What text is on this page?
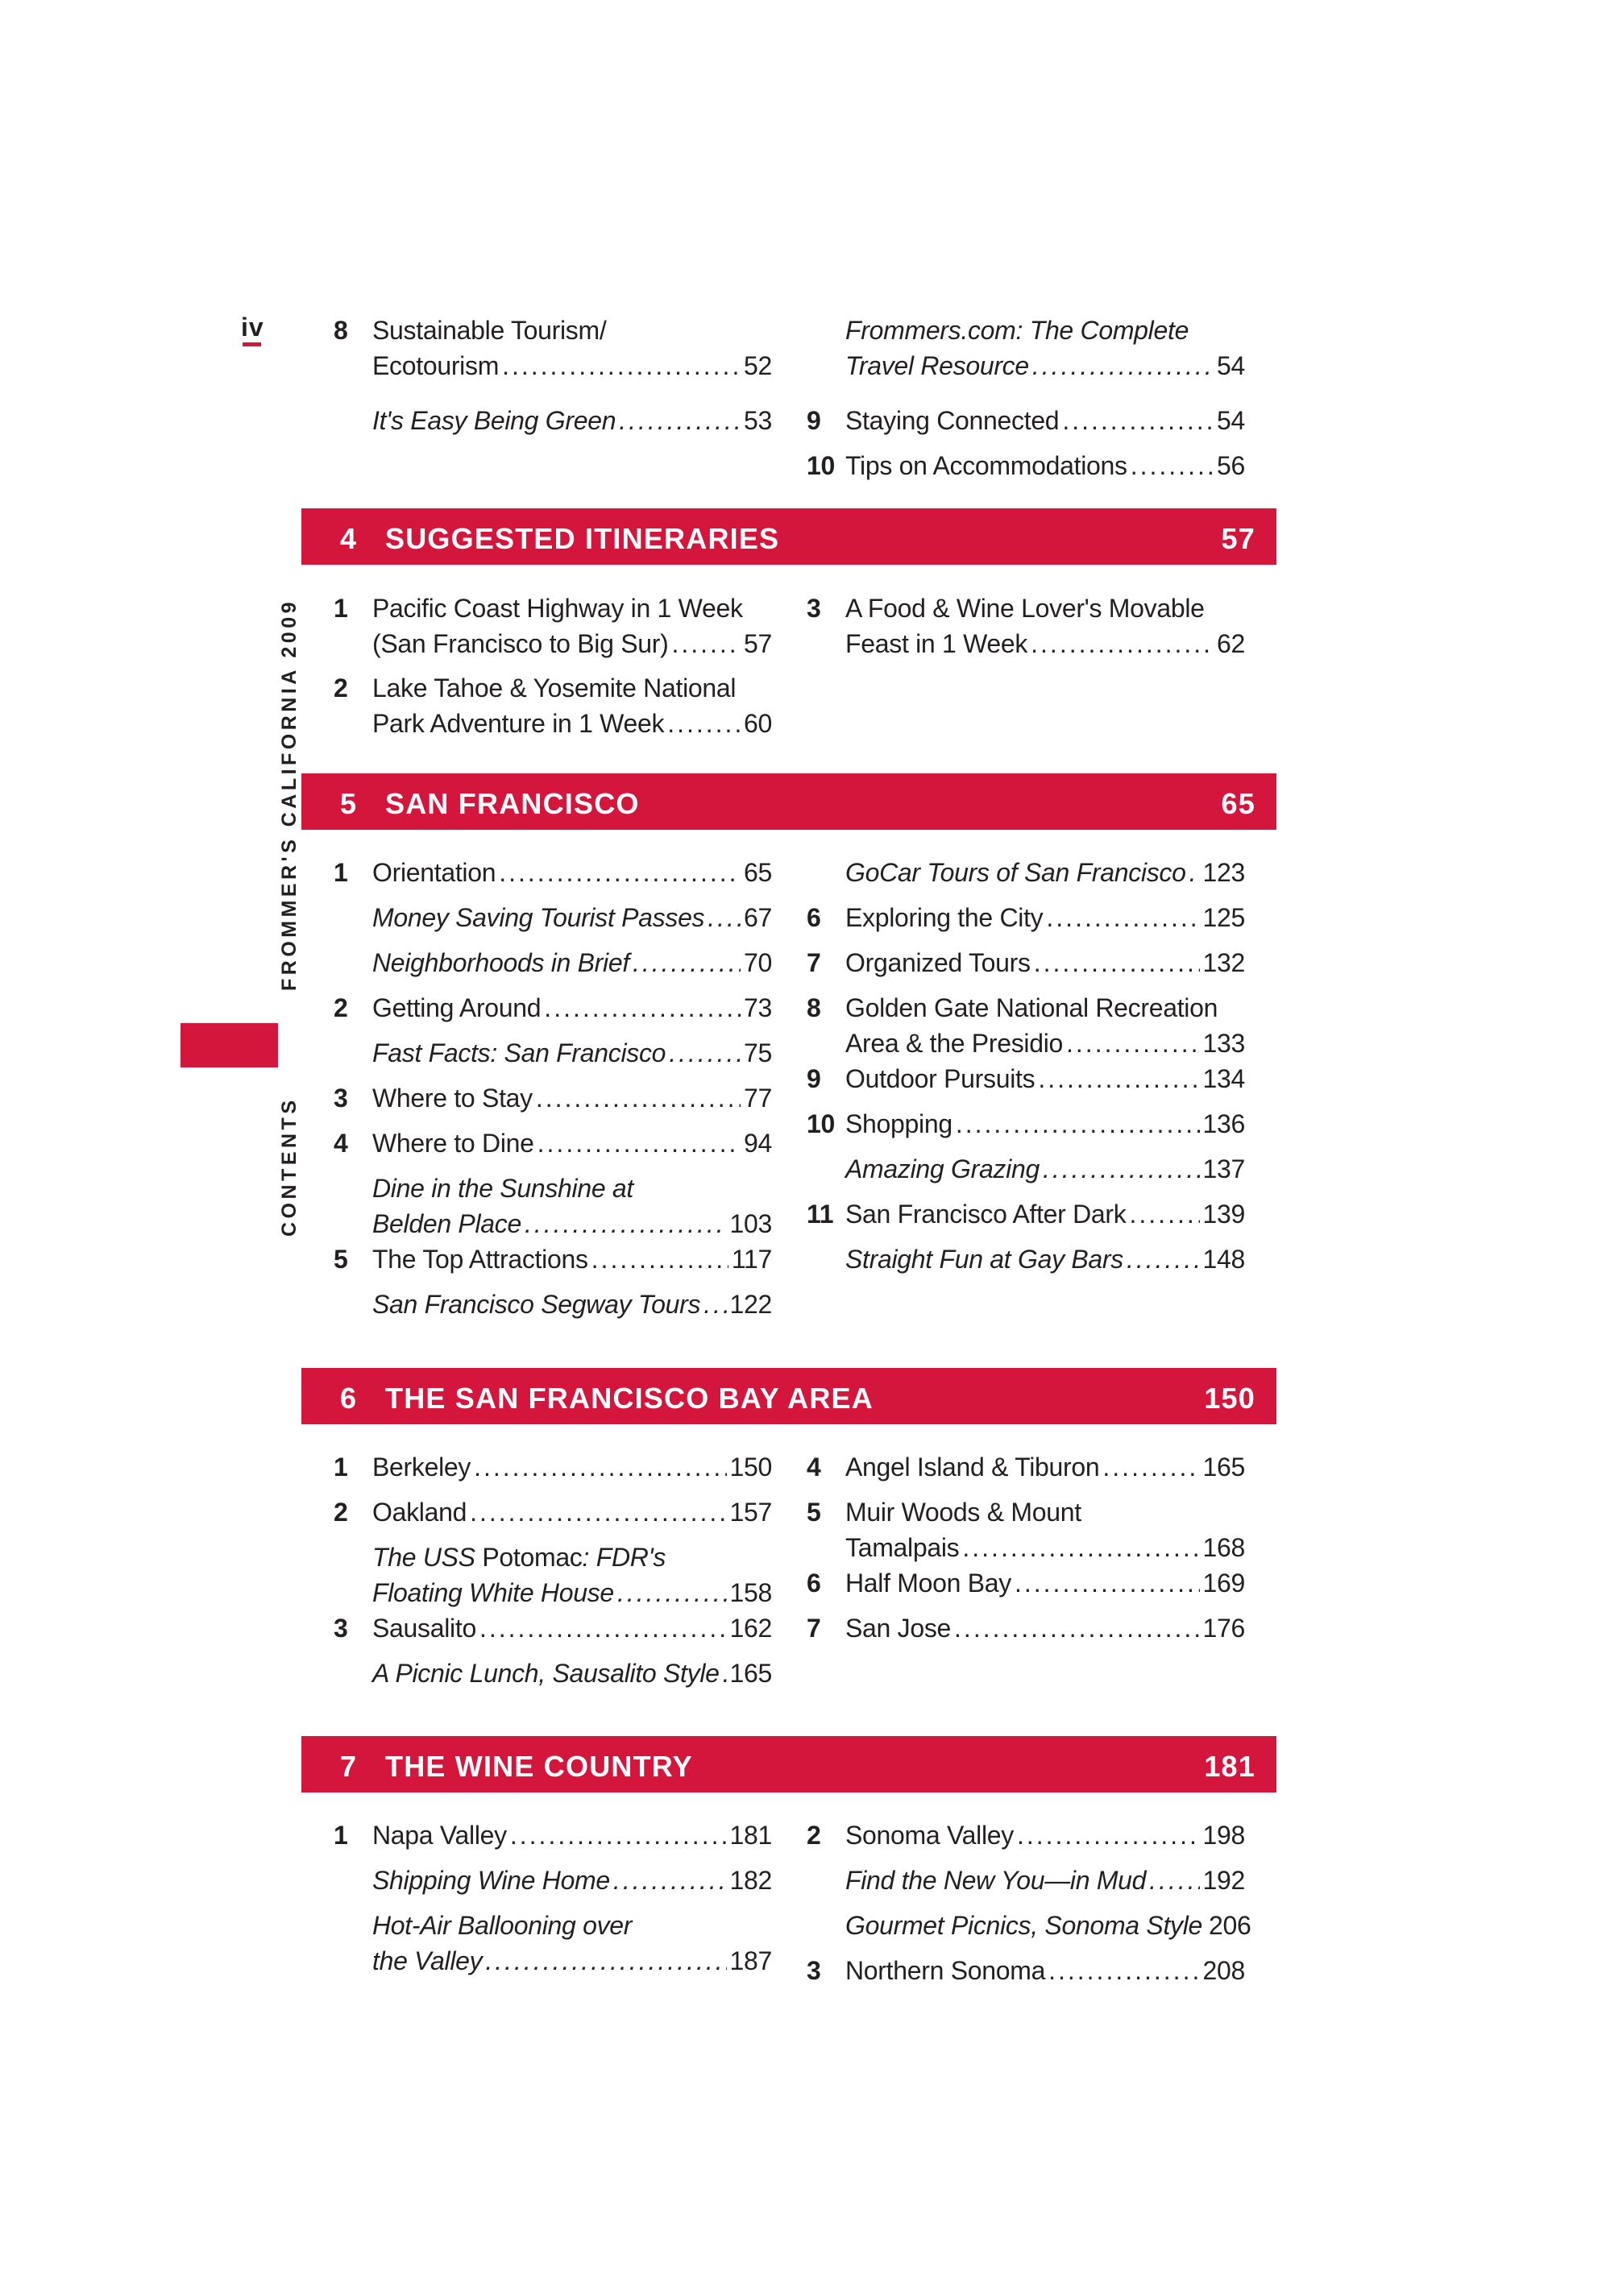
iv
CONTENTS
FROMMER'S CALIFORNIA 2009
8 Sustainable Tourism/
Ecotourism .....	52
It's Easy Being Green .....	53
Frommers.com: The Complete
Travel Resource .....	54
9 Staying Connected .....	54
10 Tips on Accommodations .....	56
4 SUGGESTED ITINERARIES	57
1 Pacific Coast Highway in 1 Week
(San Francisco to Big Sur) .....	57
2 Lake Tahoe & Yosemite National
Park Adventure in 1 Week .....	60
3 A Food & Wine Lover's Movable
Feast in 1 Week .....	62
5 SAN FRANCISCO	65
1 Orientation .....	65
Money Saving Tourist Passes ..... 67
Neighborhoods in Brief .....	70
2 Getting Around .....	73
Fast Facts: San Francisco .....	75
3 Where to Stay .....	77
4 Where to Dine .....	94
Dine in the Sunshine at
Belden Place .....	103
5 The Top Attractions .....	117
San Francisco Segway Tours ..... 122
GoCar Tours of San Francisco ..... 123
6 Exploring the City .....	125
7 Organized Tours .....	132
8 Golden Gate National Recreation
Area & the Presidio .....	133
9 Outdoor Pursuits .....	134
10 Shopping .....	136
Amazing Grazing .....	137
11 San Francisco After Dark .....	139
Straight Fun at Gay Bars .....	148
6 THE SAN FRANCISCO BAY AREA	150
1 Berkeley .....	150
2 Oakland .....	157
The USS Potomac: FDR's
Floating White House .....	158
3 Sausalito .....	162
A Picnic Lunch, Sausalito Style ..... 165
4 Angel Island & Tiburon .....	165
5 Muir Woods & Mount
Tamalpais .....	168
6 Half Moon Bay .....	169
7 San Jose .....	176
7 THE WINE COUNTRY	181
1 Napa Valley .....	181
Shipping Wine Home .....	182
Hot-Air Ballooning over
the Valley .....	187
2 Sonoma Valley .....	198
Find the New You—in Mud ..... 192
Gourmet Picnics, Sonoma Style 206
3 Northern Sonoma .....	208
